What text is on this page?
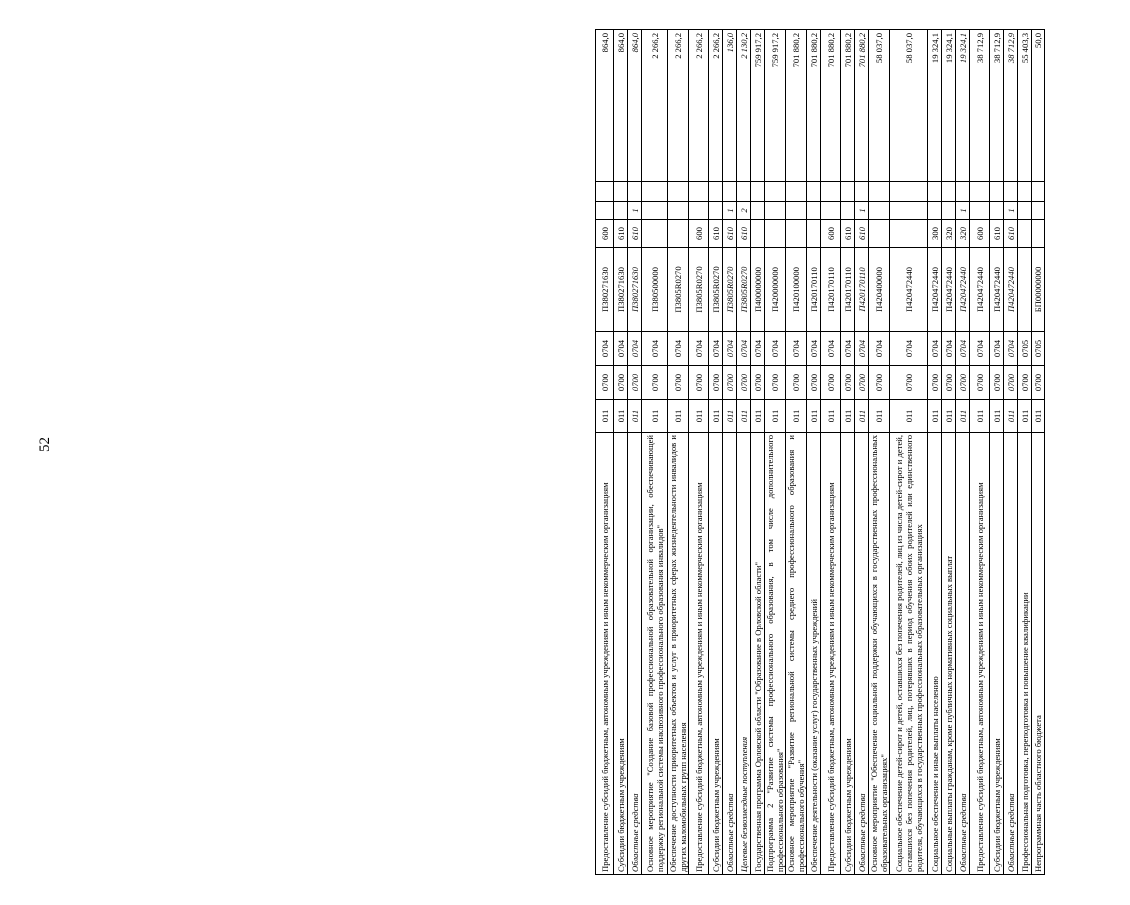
52
Предоставление субсидий бюджетным, автономным учреждениям и иным некоммерческим организациям	011	0700	0704	П380271630	600			864,0
Субсидии бюджетным учреждениям	011	0700	0704	П380271630	610			864,0
Областные средства	011	0700	0704	П380271630	610	1		864,0
Основное мероприятие "Создание базовой профессиональной образовательной организации, обеспечивающей поддержку региональной системы инклюзивного профессионального образования инвалидов"	011	0700	0704	П380500000				2 266,2
Обеспечение доступности приоритетных объектов и услуг в приоритетных сферах жизнедеятельности инвалидов и других маломобильных групп населения	011	0700	0704	П3805R0270				2 266,2
Предоставление субсидий бюджетным, автономным учреждениям и иным некоммерческим организациям	011	0700	0704	П3805R0270	600			2 266,2
Субсидии бюджетным учреждениям	011	0700	0704	П3805R0270	610			2 266,2
Областные средства	011	0700	0704	П3805R0270	610	1		136,0
Целевые безвозмездные поступления	011	0700	0704	П3805R0270	610	2		2 130,2
Государственная программа Орловской области "Образование в Орловской области"	011	0700	0704	П400000000				759 917,2
Подпрограмма 2 "Развитие системы профессионального образования, в том числе дополнительного профессионального образования"	011	0700	0704	П420000000				759 917,2
Основное мероприятие "Развитие региональной системы среднего профессионального образования и профессионального обучения"	011	0700	0704	П420100000				701 880,2
Обеспечение деятельности (оказание услуг) государственных учреждений	011	0700	0704	П420170110				701 880,2
Предоставление субсидий бюджетным, автономным учреждениям и иным некоммерческим организациям	011	0700	0704	П420170110	600			701 880,2
Субсидии бюджетным учреждениям	011	0700	0704	П420170110	610			701 880,2
Областные средства	011	0700	0704	П420170110	610	1		701 880,2
Основное мероприятие "Обеспечение социальной поддержки обучающихся в государственных профессиональных образовательных организациях"	011	0700	0704	П420400000				58 037,0
Социальное обеспечение детей-сирот и детей, оставшихся без попечения родителей, лиц из числа детей-сирот и детей, оставшихся без попечения родителей, лиц, потерявших в период обучения обоих родителей или единственного родителя, обучающихся в государственных профессиональных образовательных организациях	011	0700	0704	П420472440				58 037,0
Социальное обеспечение и иные выплаты населению	011	0700	0704	П420472440	300			19 324,1
Социальные выплаты гражданам, кроме публичных нормативных социальных выплат	011	0700	0704	П420472440	320			19 324,1
Областные средства	011	0700	0704	П420472440	320	1		19 324,1
Предоставление субсидий бюджетным, автономным учреждениям и иным некоммерческим организациям	011	0700	0704	П420472440	600			38 712,9
Субсидии бюджетным учреждениям	011	0700	0704	П420472440	610			38 712,9
Областные средства	011	0700	0704	П420472440	610	1		38 712,9
Профессиональная подготовка, переподготовка и повышение квалификации	011	0700	0705					55 403,3
Непрограммная часть областного бюджета	011	0700	0705	БП00000000				50,0
